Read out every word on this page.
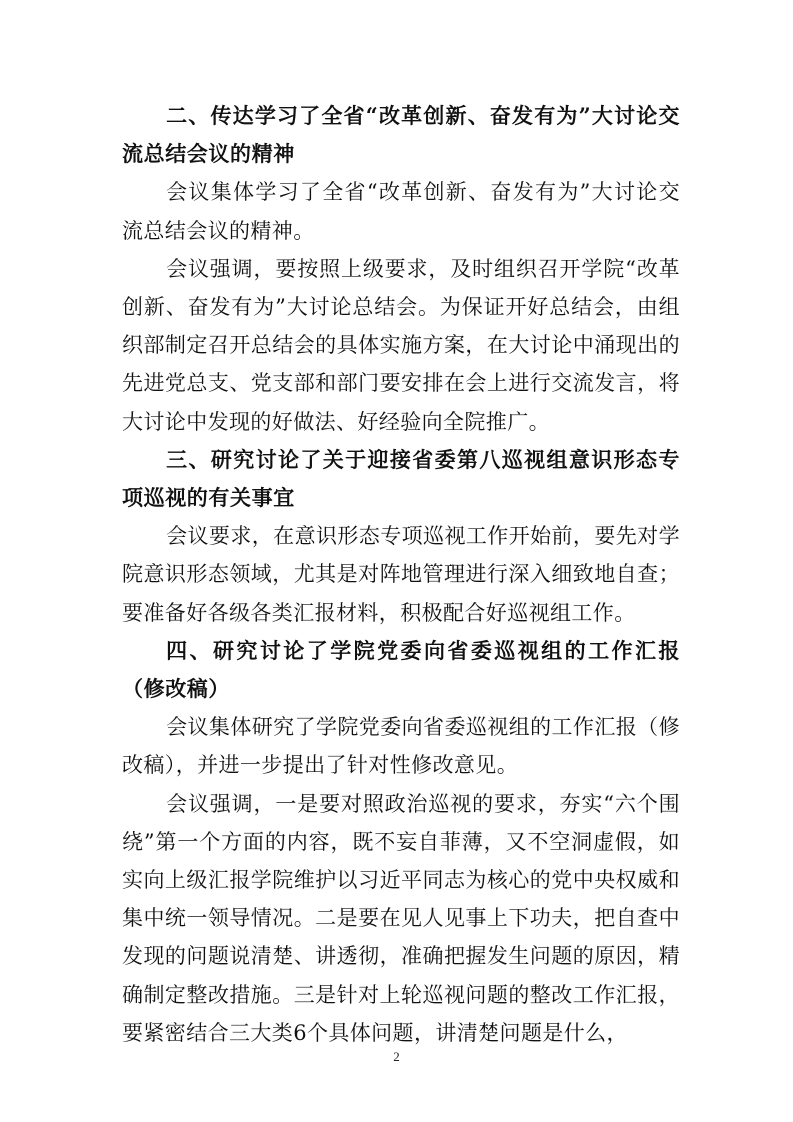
二、传达学习了全省“改革创新、奋发有为”大讨论交流总结会议的精神

会议集体学习了全省“改革创新、奋发有为”大讨论交流总结会议的精神。

会议强调，要按照上级要求，及时组织召开学院“改革创新、奋发有为”大讨论总结会。为保证开好总结会，由组织部制定召开总结会的具体实施方案，在大讨论中涌现出的先进党总支、党支部和部门要安排在会上进行交流发言，将大讨论中发现的好做法、好经验向全院推广。

三、研究讨论了关于迎接省委第八巡视组意识形态专项巡视的有关事宜

会议要求，在意识形态专项巡视工作开始前，要先对学院意识形态领域，尤其是对阵地管理进行深入细致地自查；要准备好各级各类汇报材料，积极配合好巡视组工作。

四、研究讨论了学院党委向省委巡视组的工作汇报（修改稿）

会议集体研究了学院党委向省委巡视组的工作汇报（修改稿），并进一步提出了针对性修改意见。

会议强调，一是要对照政治巡视的要求，夯实“六个围绕”第一个方面的内容，既不妄自菲薄，又不空洞虚假，如实向上级汇报学院维护以习近平同志为核心的党中央权威和集中统一领导情况。二是要在见人见事上下功夫，把自查中发现的问题说清楚、讲透彻，准确把握发生问题的原因，精确制定整改措施。三是针对上轮巡视问题的整改工作汇报，要紧密结合三大类6个具体问题，讲清楚问题是什么，

2
